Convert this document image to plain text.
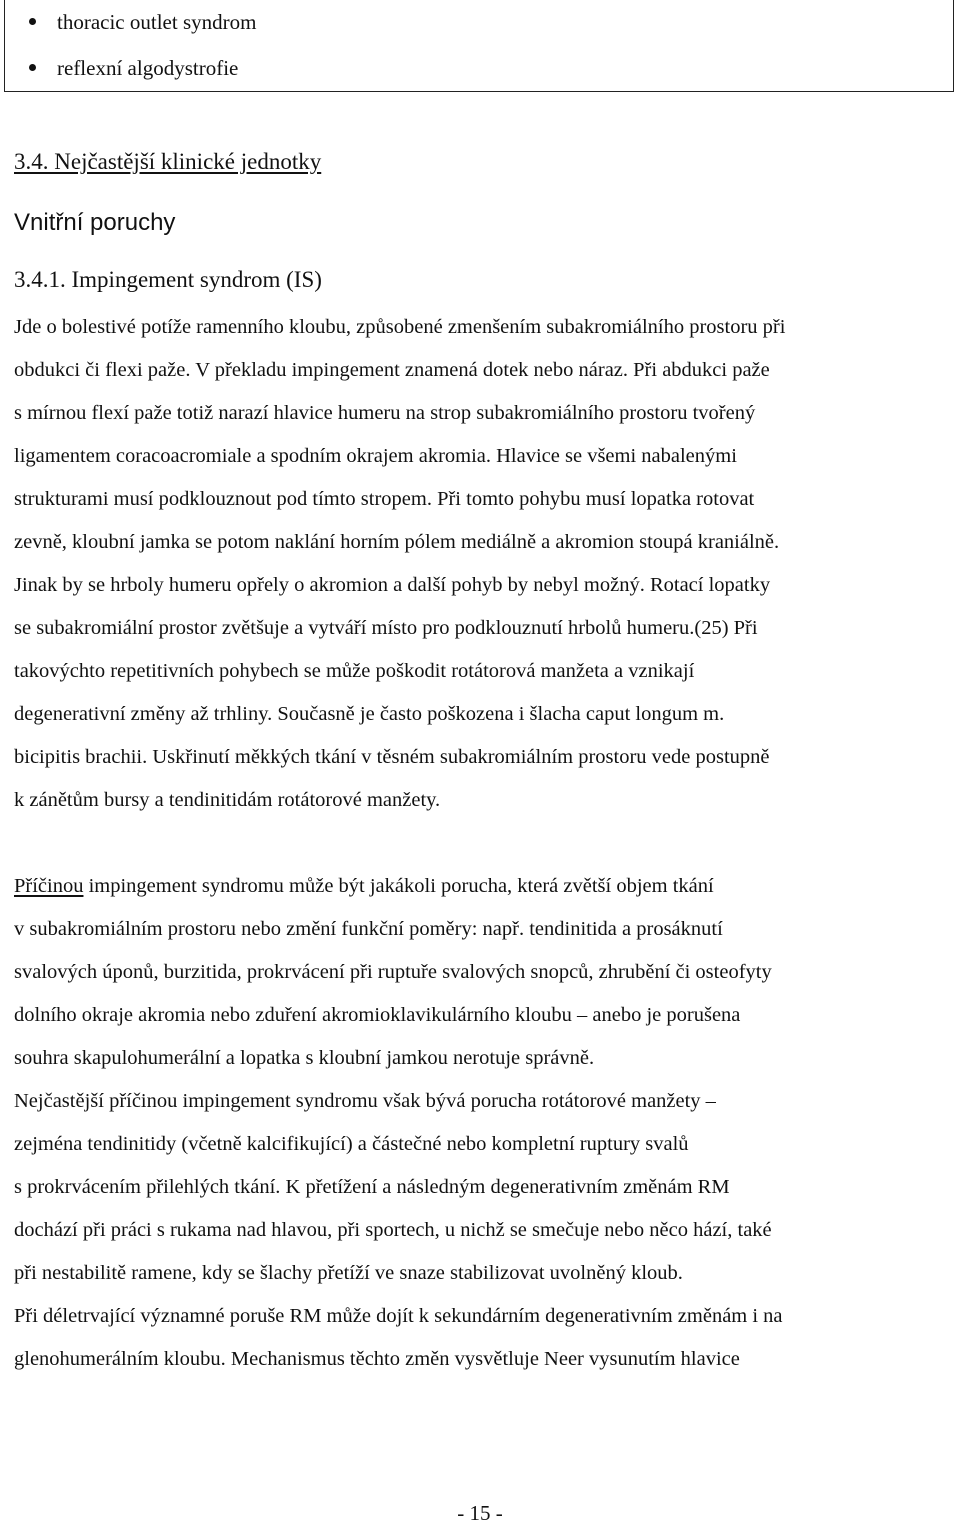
thoracic outlet syndrom
reflexní algodystrofie
3.4. Nejčastější klinické jednotky
Vnitřní poruchy
3.4.1. Impingement syndrom (IS)
Jde o bolestivé potíže ramenního kloubu, způsobené zmenšením subakromiálního prostoru při
obdukci či flexi paže. V překladu impingement znamená dotek nebo náraz. Při abdukci paže
s mírnou flexí paže totiž narazí hlavice humeru na strop subakromiálního prostoru tvořený
ligamentem coracoacromiale a spodním okrajem akromia. Hlavice se všemi nabalenými
strukturami musí podklouznout pod tímto stropem. Při tomto pohybu musí lopatka rotovat
zevně, kloubní jamka se potom naklání horním pólem mediálně a akromion stoupá kraniálně.
Jinak by se hrboly humeru opřely o akromion a další pohyb by nebyl možný. Rotací lopatky
se subakromiální prostor zvětšuje a vytváří místo pro podklouznutí hrbolů humeru.(25) Při
takovýchto repetitivních pohybech se může poškodit rotátorová manžeta a vznikají
degenerativní změny až trhliny. Současně je často poškozena i šlacha caput longum m.
bicipitis brachii. Uskřinutí měkkých tkání v těsném subakromiálním prostoru vede postupně
k zánětům bursy a tendinitidám rotátorové manžety.
Příčinou impingement syndromu může být jakákoli porucha, která zvětší objem tkání
v subakromiálním prostoru nebo změní funkční poměry: např. tendinitida a prosáknutí
svalových úponů, burzitida, prokrvácení při ruptuře svalových snopců, zhrubění či osteofyty
dolního okraje akromia nebo zduření akromioklavikulárního kloubu – anebo je porušena
souhra skapulohumerální a lopatka s kloubní jamkou nerotuje správně.
Nejčastější příčinou impingement syndromu však bývá porucha rotátorové manžety –
zejména tendinitidy (včetně kalcifikující) a částečné nebo kompletní ruptury svalů
s prokrvácením přilehlých tkání. K přetížení a následným degenerativním změnám RM
dochází při práci s rukama nad hlavou, při sportech, u nichž se smečuje nebo něco hází, také
při nestabilitě ramene, kdy se šlachy přetíží ve snaze stabilizovat uvolněný kloub.
Při déletrvající významné poruše RM může dojít k sekundárním degenerativním změnám i na
glenohumerálním kloubu. Mechanismus těchto změn vysvětluje Neer vysunutím hlavice
- 15 -
